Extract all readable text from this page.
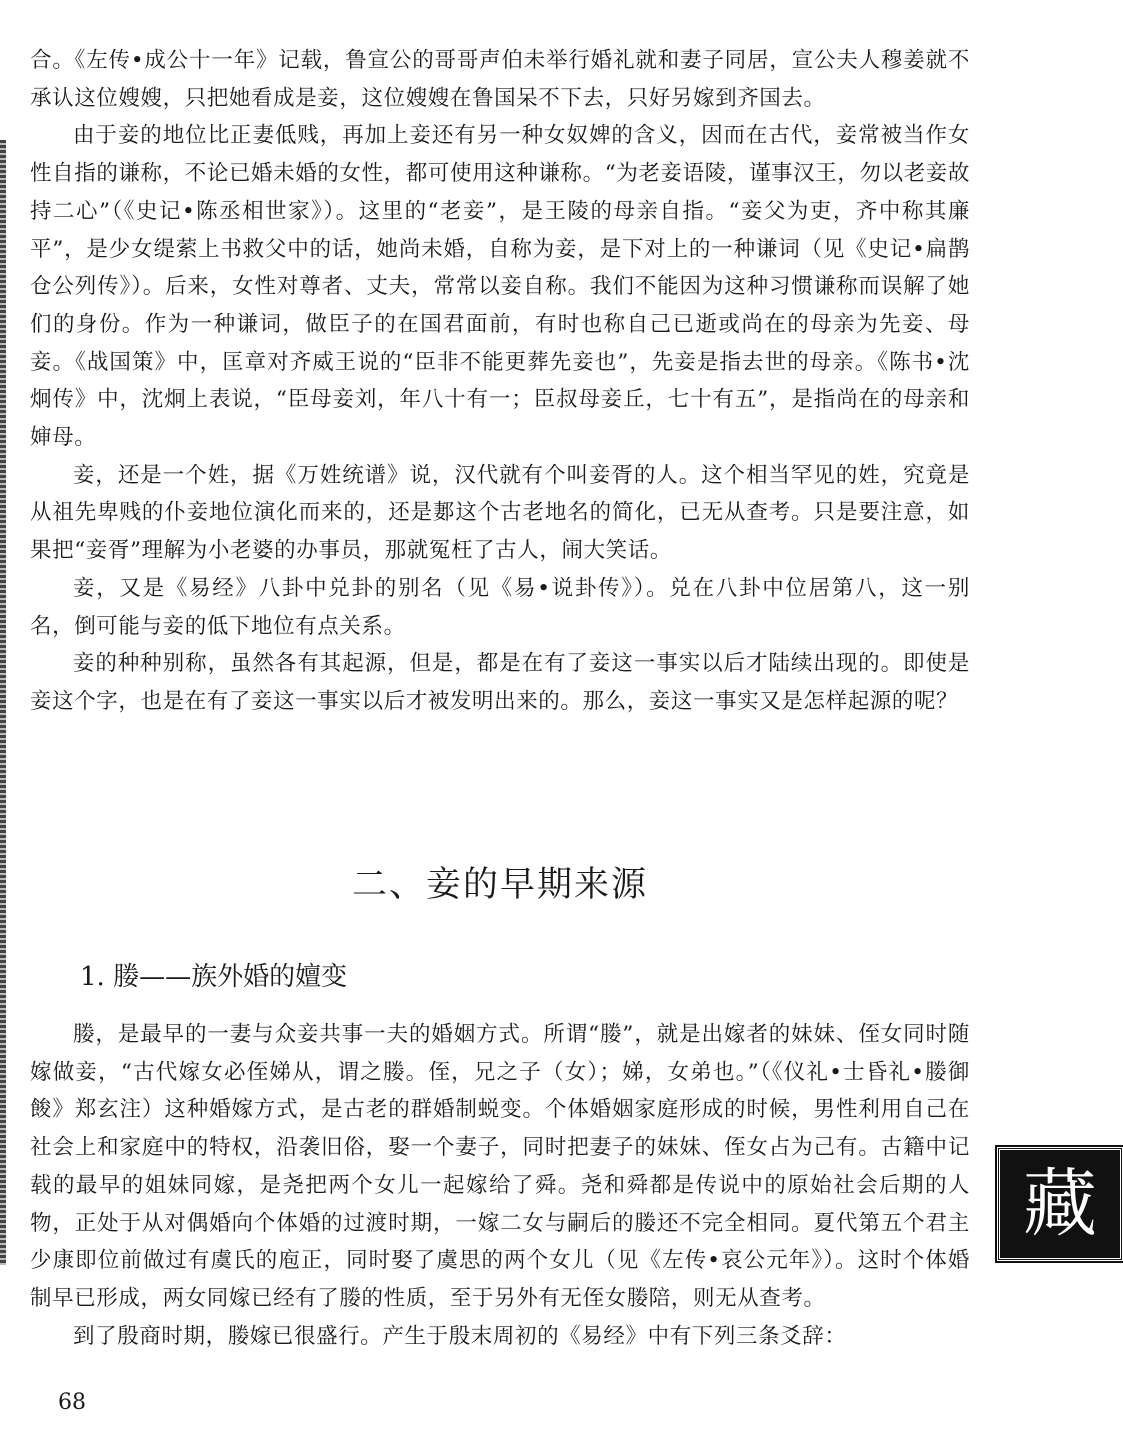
合。《左传•成公十一年》记载，鲁宣公的哥哥声伯未举行婚礼就和妻子同居，宣公夫人穆姜就不承认这位嫂嫂，只把她看成是妾，这位嫂嫂在鲁国呆不下去，只好另嫁到齐国去。

由于妾的地位比正妻低贱，再加上妾还有另一种女奴婢的含义，因而在古代，妾常被当作女性自指的谦称，不论已婚未婚的女性，都可使用这种谦称。“为老妾语陵，谨事汉王，勿以老妾故持二心”（《史记•陈丞相世家》）。这里的“老妾”，是王陵的母亲自指。“妾父为吏，齐中称其廉平”，是少女缇萦上书救父中的话，她尚未婚，自称为妾，是下对上的一种谦词（见《史记•扁鹊仓公列传》）。后来，女性对尊者、丈夫，常常以妾自称。我们不能因为这种习惯谦称而误解了她们的身份。作为一种谦词，做臣子的在国君面前，有时也称自己已逝或尚在的母亲为先妾、母妾。《战国策》中，匡章对齐威王说的“臣非不能更葬先妾也”，先妾是指去世的母亲。《陈书•沈炯传》中，沈炯上表说，“臣母妾刘，年八十有一；臣叔母妾丘，七十有五”，是指尚在的母亲和婶母。

妾，还是一个姓，据《万姓统谱》说，汉代就有个叫妾胥的人。这个相当罕见的姓，究竟是从祖先卑贱的仆妾地位演化而来的，还是郪这个古老地名的简化，已无从查考。只是要注意，如果把“妾胥”理解为小老婆的办事员，那就冤枉了古人，闹大笑话。

妾，又是《易经》八卦中兑卦的别名（见《易•说卦传》）。兑在八卦中位居第八，这一别名，倒可能与妾的低下地位有点关系。

妾的种种别称，虽然各有其起源，但是，都是在有了妾这一事实以后才陆续出现的。即使是妾这个字，也是在有了妾这一事实以后才被发明出来的。那么，妾这一事实又是怎样起源的呢？

二、妾的早期来源
1. 媵——族外婚的嬗变

媵，是最早的一妻与众妾共事一夫的婚姻方式。所谓“媵”，就是出嫁者的妹妹、侄女同时随嫁做妾，“古代嫁女必侄娣从，谓之媵。侄，兄之子（女）；娣，女弟也。”（《仪礼•士昏礼•媵御餕》郑玄注）这种婚嫁方式，是古老的群婚制蜕变。个体婚姻家庭形成的时候，男性利用自己在社会上和家庭中的特权，沿袭旧俗，娶一个妻子，同时把妻子的妹妹、侄女占为己有。古籍中记载的最早的姐妹同嫁，是尧把两个女儿一起嫁给了舜。尧和舜都是传说中的原始社会后期的人物，正处于从对偶婚向个体婚的过渡时期，一嫁二女与嗣后的媵还不完全相同。夏代第五个君主少康即位前做过有虞氏的庖正，同时娶了虞思的两个女儿（见《左传•哀公元年》）。这时个体婚制早已形成，两女同嫁已经有了媵的性质，至于另外有无侄女媵陪，则无从查考。

到了殷商时期，媵嫁已很盛行。产生于殷末周初的《易经》中有下列三条爻辞：

68
藏
